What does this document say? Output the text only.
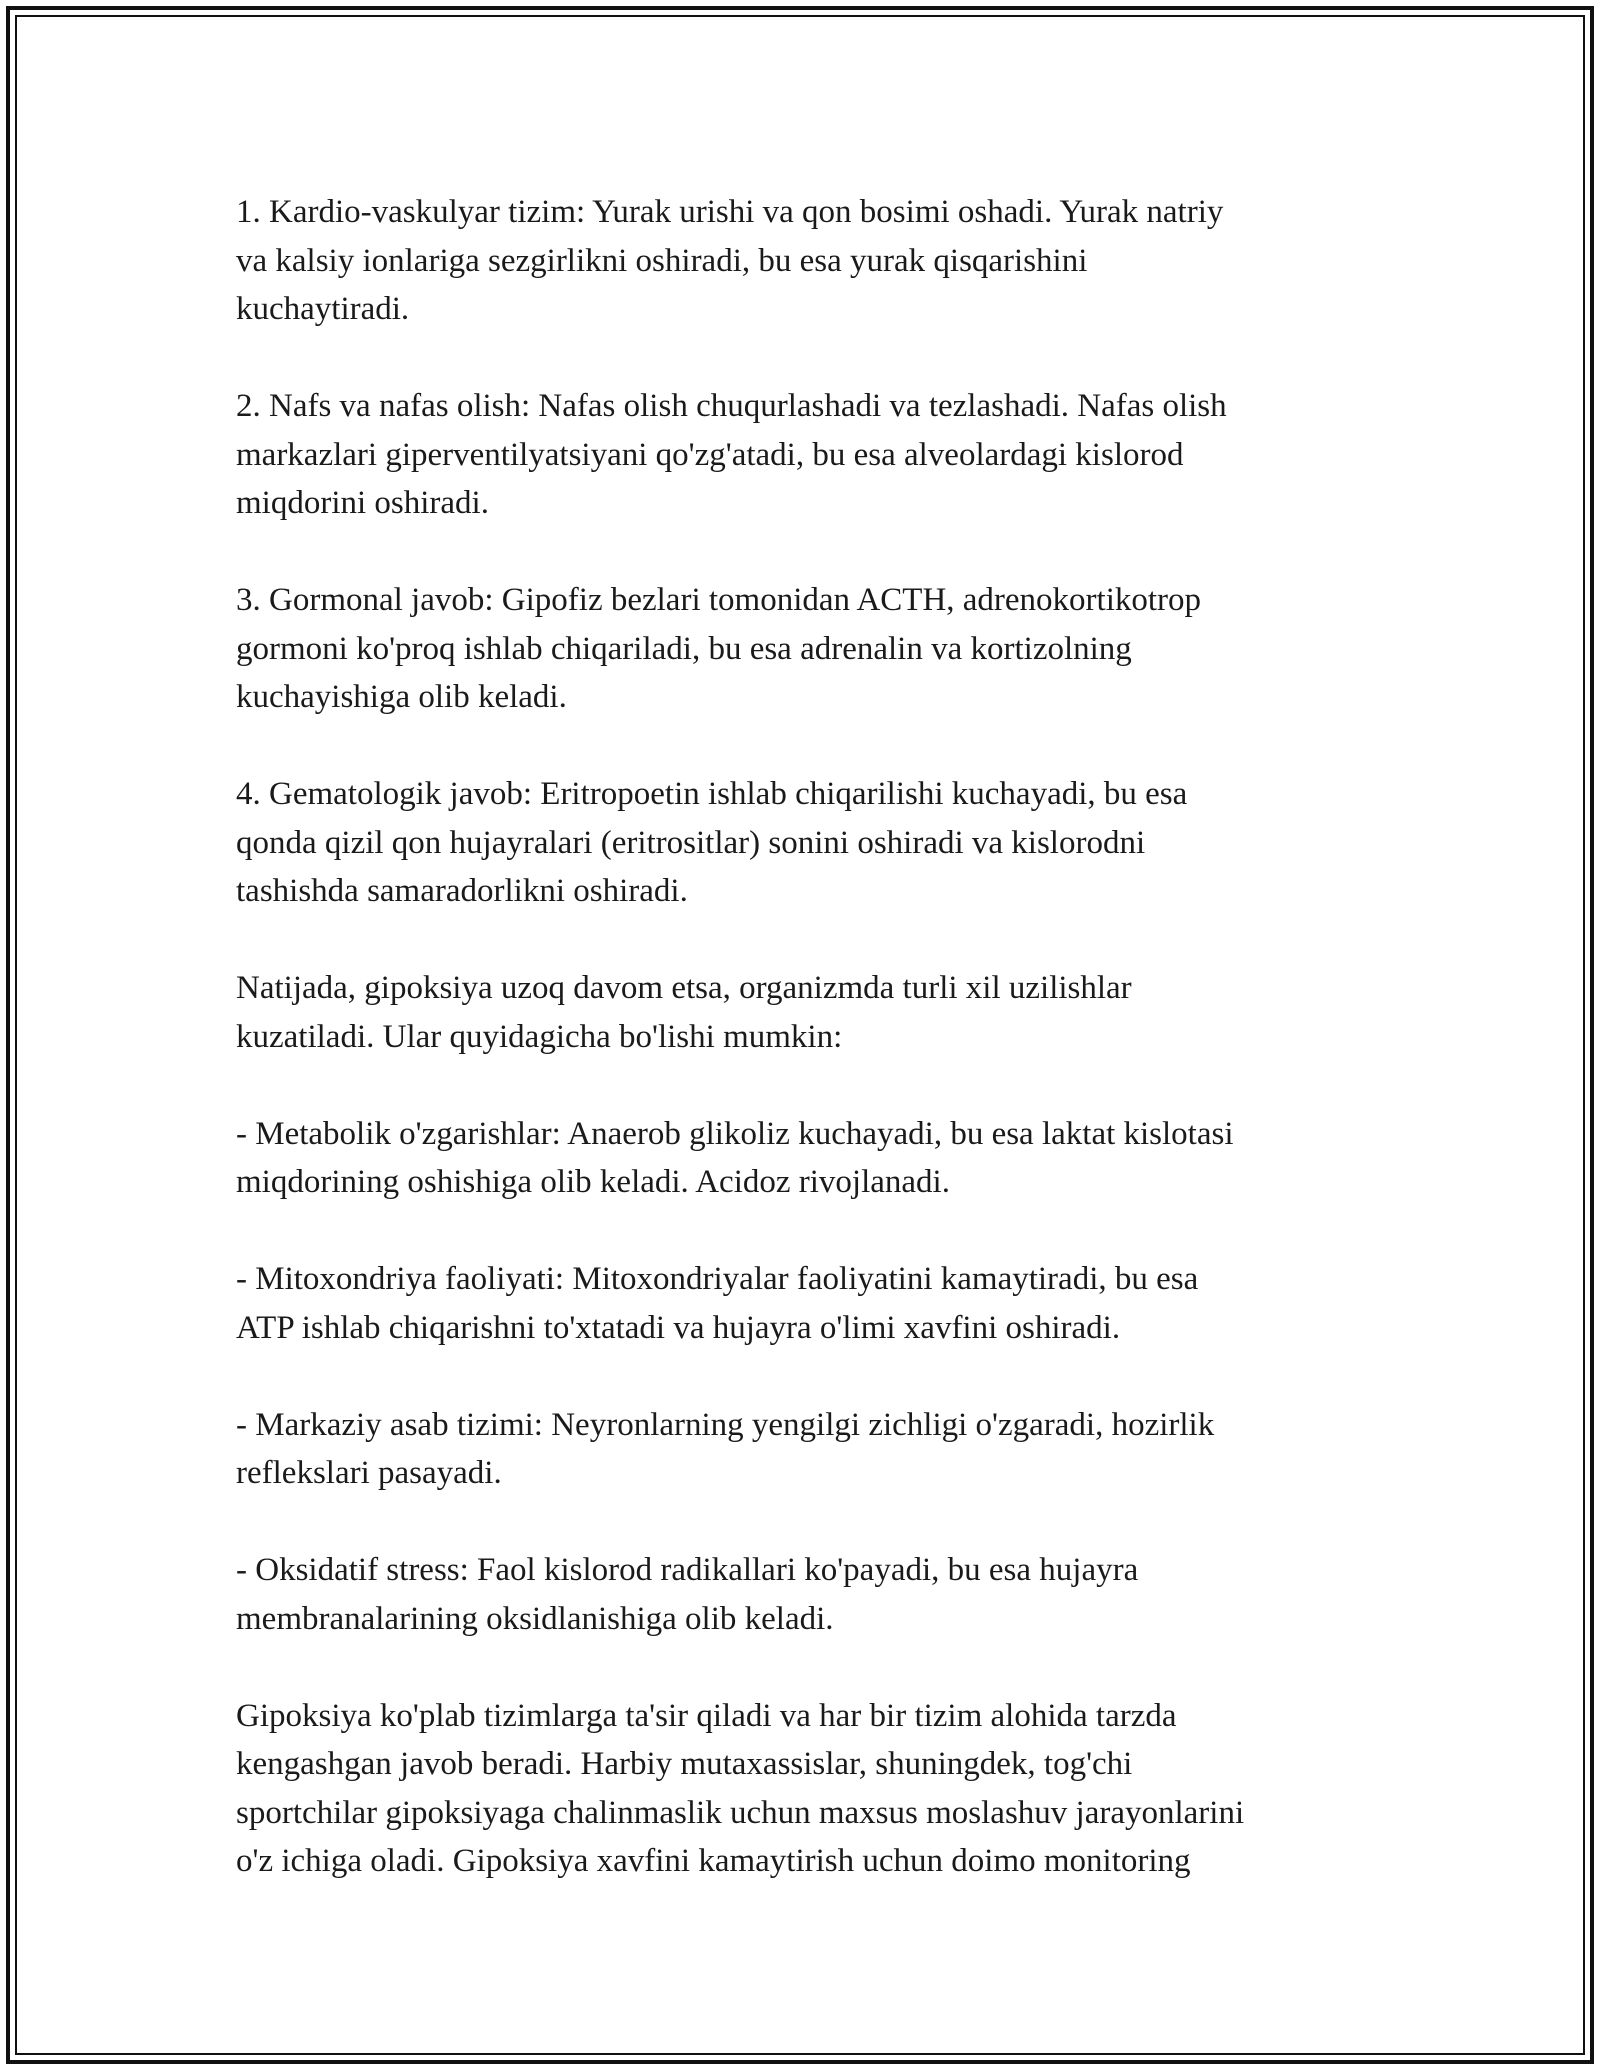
1. Kardio-vaskulyar tizim: Yurak urishi va qon bosimi oshadi. Yurak natriy
va kalsiy ionlariga sezgirlikni oshiradi, bu esa yurak qisqarishini
kuchaytiradi.

2. Nafs va nafas olish: Nafas olish chuqurlashadi va tezlashadi. Nafas olish
markazlari giperventilyatsiyani qo'zg'atadi, bu esa alveolardagi kislorod
miqdorini oshiradi.

3. Gormonal javob: Gipofiz bezlari tomonidan ACTH, adrenokortikotrop
gormoni ko'proq ishlab chiqariladi, bu esa adrenalin va kortizolning
kuchayishiga olib keladi.

4. Gematologik javob: Eritropoetin ishlab chiqarilishi kuchayadi, bu esa
qonda qizil qon hujayralari (eritrositlar) sonini oshiradi va kislorodni
tashishda samaradorlikni oshiradi.

Natijada, gipoksiya uzoq davom etsa, organizmda turli xil uzilishlar
kuzatiladi. Ular quyidagicha bo'lishi mumkin:

- Metabolik o'zgarishlar: Anaerob glikoliz kuchayadi, bu esa laktat kislotasi
miqdorining oshishiga olib keladi. Acidoz rivojlanadi.

- Mitoxondriya faoliyati: Mitoxondriyalar faoliyatini kamaytiradi, bu esa
ATP ishlab chiqarishni to'xtatadi va hujayra o'limi xavfini oshiradi.

- Markaziy asab tizimi: Neyronlarning yengilgi zichligi o'zgaradi, hozirlik
reflekslari pasayadi.

- Oksidatif stress: Faol kislorod radikallari ko'payadi, bu esa hujayra
membranalarining oksidlanishiga olib keladi.

Gipoksiya ko'plab tizimlarga ta'sir qiladi va har bir tizim alohida tarzda
kengashgan javob beradi. Harbiy mutaxassislar, shuningdek, tog'chi
sportchilar gipoksiyaga chalinmaslik uchun maxsus moslashuv jarayonlarini
o'z ichiga oladi. Gipoksiya xavfini kamaytirish uchun doimo monitoring
